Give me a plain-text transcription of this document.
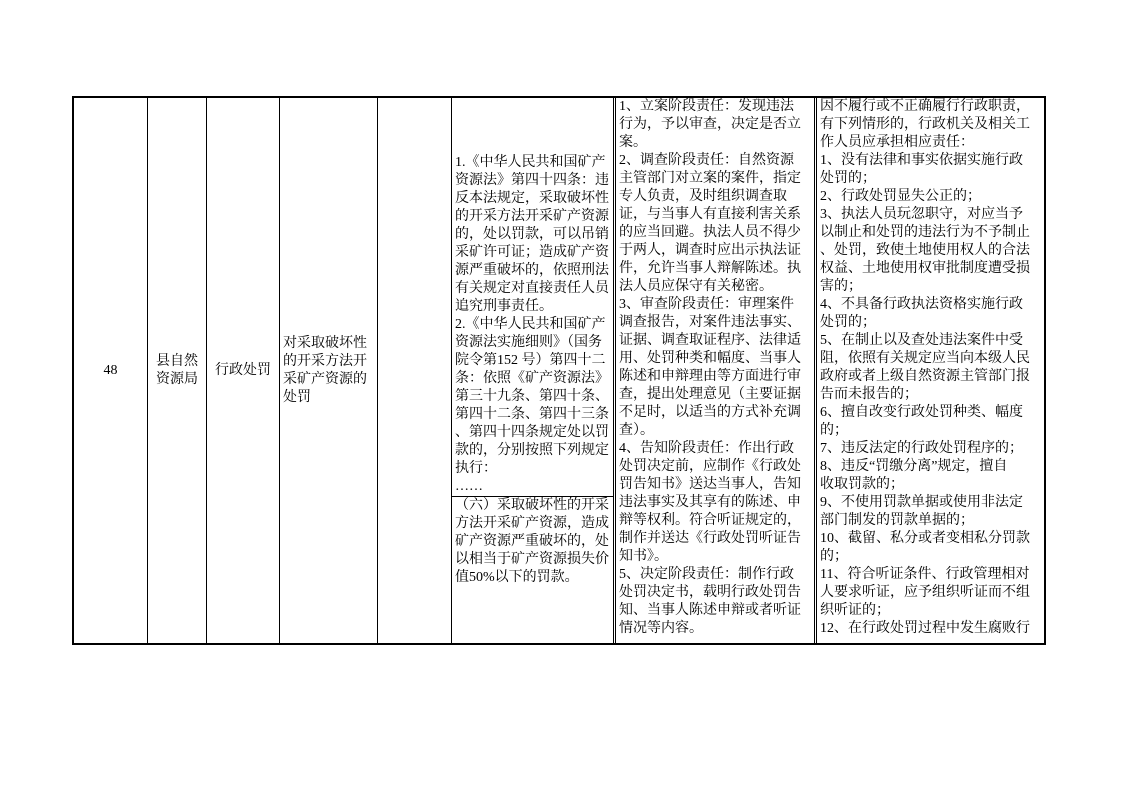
48
县自然
资源局
行政处罚
对采取破坏性
的开采方法开
采矿产资源的
处罚
1.《中华人民共和国矿产
资源法》第四十四条：违
反本法规定，采取破坏性
的开采方法开采矿产资源
的，处以罚款，可以吊销
采矿许可证；造成矿产资
源严重破坏的，依照刑法
有关规定对直接责任人员
追究刑事责任。
2.《中华人民共和国矿产
资源法实施细则》（国务
院令第152 号）第四十二
条：依照《矿产资源法》
第三十九条、第四十条、
第四十二条、第四十三条
、第四十四条规定处以罚
款的，分别按照下列规定
执行：
……
（六）采取破坏性的开采
方法开采矿产资源，造成
矿产资源严重破坏的，处
以相当于矿产资源损失价
值50%以下的罚款。
1、立案阶段责任：发现违法
行为，予以审查，决定是否立
案。
2、调查阶段责任：自然资源
主管部门对立案的案件，指定
专人负责，及时组织调查取
证，与当事人有直接利害关系
的应当回避。执法人员不得少
于两人，调查时应出示执法证
件，允许当事人辩解陈述。执
法人员应保守有关秘密。
3、审查阶段责任：审理案件
调查报告，对案件违法事实、
证据、调查取证程序、法律适
用、处罚种类和幅度、当事人
陈述和申辩理由等方面进行审
查，提出处理意见（主要证据
不足时，以适当的方式补充调
查）。
4、告知阶段责任：作出行政
处罚决定前，应制作《行政处
罚告知书》送达当事人，告知
违法事实及其享有的陈述、申
辩等权利。符合听证规定的，
制作并送达《行政处罚听证告
知书》。
5、决定阶段责任：制作行政
处罚决定书，载明行政处罚告
知、当事人陈述申辩或者听证
情况等内容。
因不履行或不正确履行行政职责，
有下列情形的，行政机关及相关工
作人员应承担相应责任：
1、没有法律和事实依据实施行政
处罚的；
2、行政处罚显失公正的；
3、执法人员玩忽职守，对应当予
以制止和处罚的违法行为不予制止
、处罚，致使土地使用权人的合法
权益、土地使用权审批制度遭受损
害的；
4、不具备行政执法资格实施行政
处罚的；
5、在制止以及查处违法案件中受
阻，依照有关规定应当向本级人民
政府或者上级自然资源主管部门报
告而未报告的；
6、擅自改变行政处罚种类、幅度
的；
7、违反法定的行政处罚程序的；
8、违反“罚缴分离”规定，擅自
收取罚款的；
9、不使用罚款单据或使用非法定
部门制发的罚款单据的；
10、截留、私分或者变相私分罚款
的；
11、符合听证条件、行政管理相对
人要求听证，应予组织听证而不组
织听证的；
12、在行政处罚过程中发生腐败行
